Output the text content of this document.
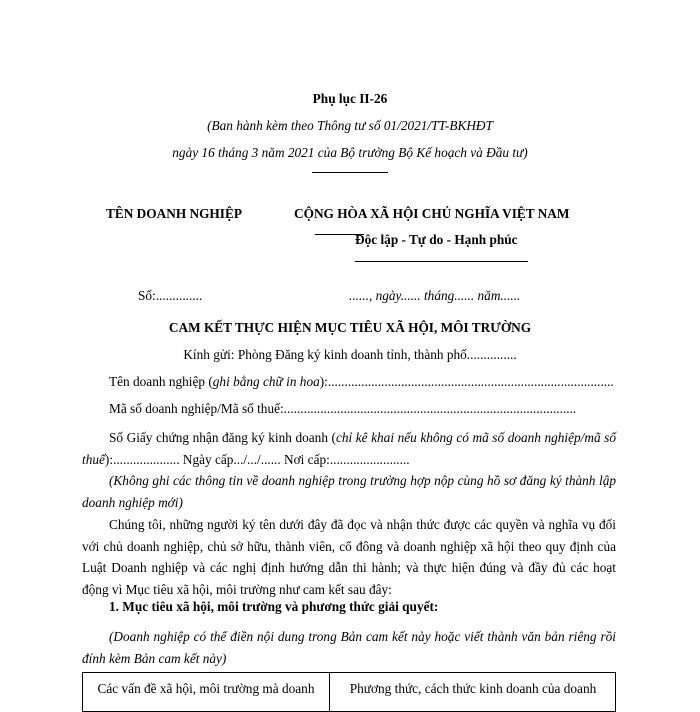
Phụ lục II-26
(Ban hành kèm theo Thông tư số 01/2021/TT-BKHĐT
ngày 16 tháng 3 năm 2021 của Bộ trưởng Bộ Kế hoạch và Đầu tư)
TÊN DOANH NGHIỆP	CỘNG HÒA XÃ HỘI CHỦ NGHĨA VIỆT NAM
Độc lập - Tự do - Hạnh phúc
Số:..............	......, ngày...... tháng...... năm......
CAM KẾT THỰC HIỆN MỤC TIÊU XÃ HỘI, MÔI TRƯỜNG
Kính gửi: Phòng Đăng ký kinh doanh tỉnh, thành phố...............
Tên doanh nghiệp (ghi bằng chữ in hoa):......................................................................................
Mã số doanh nghiệp/Mã số thuế:........................................................................................
Số Giấy chứng nhận đăng ký kinh doanh (chỉ kê khai nếu không có mã số doanh nghiệp/mã số thuế):.................... Ngày cấp.../.../...... Nơi cấp:........................
(Không ghi các thông tin về doanh nghiệp trong trường hợp nộp cùng hồ sơ đăng ký thành lập doanh nghiệp mới)
Chúng tôi, những người ký tên dưới đây đã đọc và nhận thức được các quyền và nghĩa vụ đối với chủ doanh nghiệp, chủ sở hữu, thành viên, cổ đông và doanh nghiệp xã hội theo quy định của Luật Doanh nghiệp và các nghị định hướng dẫn thi hành; và thực hiện đúng và đầy đủ các hoạt động vì Mục tiêu xã hội, môi trường như cam kết sau đây:
1. Mục tiêu xã hội, môi trường và phương thức giải quyết:
(Doanh nghiệp có thể điền nội dung trong Bản cam kết này hoặc viết thành văn bản riêng rồi đính kèm Bản cam kết này)
Các vấn đề xã hội, môi trường mà doanh	Phương thức, cách thức kinh doanh của doanh
